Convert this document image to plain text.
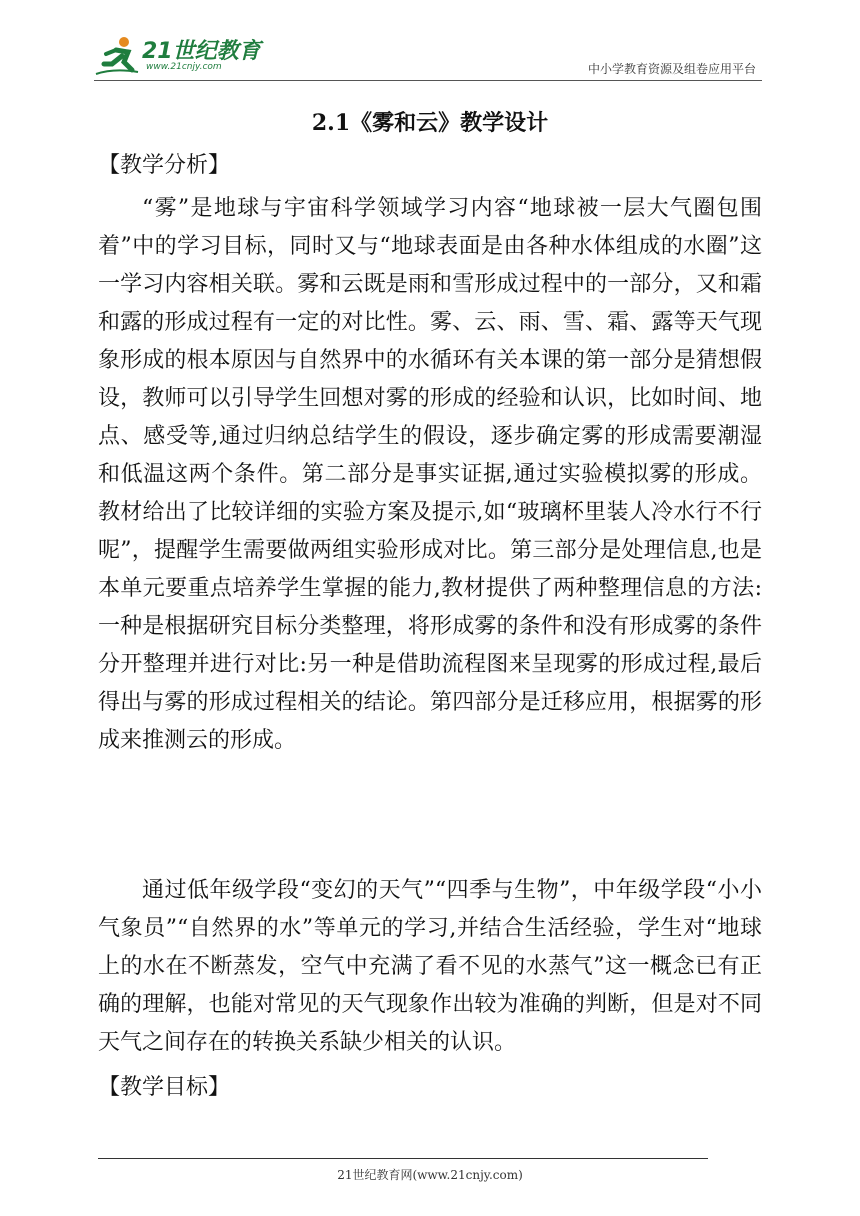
21世纪教育
www.21cnjy.com	中小学教育资源及组卷应用平台
2.1《雾和云》教学设计
【教学分析】

“雾”是地球与宇宙科学领域学习内容“地球被一层大气圈包围着”中的学习目标，同时又与“地球表面是由各种水体组成的水圈”这一学习内容相关联。雾和云既是雨和雪形成过程中的一部分，又和霜和露的形成过程有一定的对比性。雾、云、雨、雪、霜、露等天气现象形成的根本原因与自然界中的水循环有关本课的第一部分是猜想假设，教师可以引导学生回想对雾的形成的经验和认识，比如时间、地点、感受等,通过归纳总结学生的假设，逐步确定雾的形成需要潮湿和低温这两个条件。第二部分是事实证据,通过实验模拟雾的形成。教材给出了比较详细的实验方案及提示,如“玻璃杯里装人冷水行不行呢”，提醒学生需要做两组实验形成对比。第三部分是处理信息,也是本单元要重点培养学生掌握的能力,教材提供了两种整理信息的方法:一种是根据研究目标分类整理，将形成雾的条件和没有形成雾的条件分开整理并进行对比:另一种是借助流程图来呈现雾的形成过程,最后得出与雾的形成过程相关的结论。第四部分是迁移应用，根据雾的形成来推测云的形成。

通过低年级学段“变幻的天气”“四季与生物”，中年级学段“小小气象员”“自然界的水”等单元的学习,并结合生活经验，学生对“地球上的水在不断蒸发，空气中充满了看不见的水蒸气”这一概念已有正确的理解，也能对常见的天气现象作出较为准确的判断，但是对不同天气之间存在的转换关系缺少相关的认识。

【教学目标】
21世纪教育网(www.21cnjy.com)
